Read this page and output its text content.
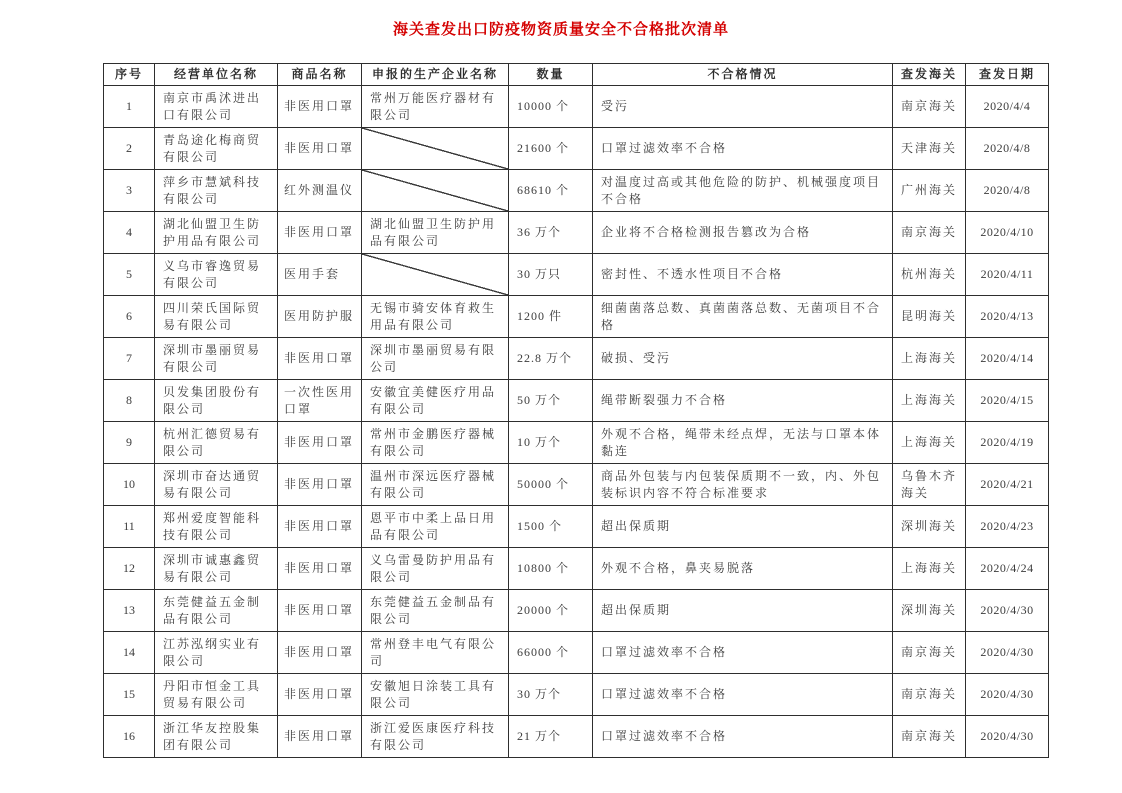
海关查发出口防疫物资质量安全不合格批次清单
序号	经营单位名称	商品名称	申报的生产企业名称	数量	不合格情况	查发海关	查发日期
1	南京市禹沭进出口有限公司	非医用口罩	常州万能医疗器材有限公司	10000 个	受污	南京海关	2020/4/4
2	青岛途化梅商贸有限公司	非医用口罩		21600 个	口罩过滤效率不合格	天津海关	2020/4/8
3	萍乡市慧斌科技有限公司	红外测温仪		68610 个	对温度过高或其他危险的防护、机械强度项目不合格	广州海关	2020/4/8
4	湖北仙盟卫生防护用品有限公司	非医用口罩	湖北仙盟卫生防护用品有限公司	36 万个	企业将不合格检测报告篡改为合格	南京海关	2020/4/10
5	义乌市睿逸贸易有限公司	医用手套		30 万只	密封性、不透水性项目不合格	杭州海关	2020/4/11
6	四川荣氏国际贸易有限公司	医用防护服	无锡市骑安体育救生用品有限公司	1200 件	细菌菌落总数、真菌菌落总数、无菌项目不合格	昆明海关	2020/4/13
7	深圳市墨丽贸易有限公司	非医用口罩	深圳市墨丽贸易有限公司	22.8 万个	破损、受污	上海海关	2020/4/14
8	贝发集团股份有限公司	一次性医用口罩	安徽宜美健医疗用品有限公司	50 万个	绳带断裂强力不合格	上海海关	2020/4/15
9	杭州汇德贸易有限公司	非医用口罩	常州市金鹏医疗器械有限公司	10 万个	外观不合格，绳带未经点焊，无法与口罩本体黏连	上海海关	2020/4/19
10	深圳市奋达通贸易有限公司	非医用口罩	温州市深远医疗器械有限公司	50000 个	商品外包装与内包装保质期不一致，内、外包装标识内容不符合标准要求	乌鲁木齐海关	2020/4/21
11	郑州爱度智能科技有限公司	非医用口罩	恩平市中柔上品日用品有限公司	1500 个	超出保质期	深圳海关	2020/4/23
12	深圳市诚惠鑫贸易有限公司	非医用口罩	义乌雷曼防护用品有限公司	10800 个	外观不合格，鼻夹易脱落	上海海关	2020/4/24
13	东莞健益五金制品有限公司	非医用口罩	东莞健益五金制品有限公司	20000 个	超出保质期	深圳海关	2020/4/30
14	江苏泓纲实业有限公司	非医用口罩	常州登丰电气有限公司	66000 个	口罩过滤效率不合格	南京海关	2020/4/30
15	丹阳市恒金工具贸易有限公司	非医用口罩	安徽旭日涂装工具有限公司	30 万个	口罩过滤效率不合格	南京海关	2020/4/30
16	浙江华友控股集团有限公司	非医用口罩	浙江爱医康医疗科技有限公司	21 万个	口罩过滤效率不合格	南京海关	2020/4/30
